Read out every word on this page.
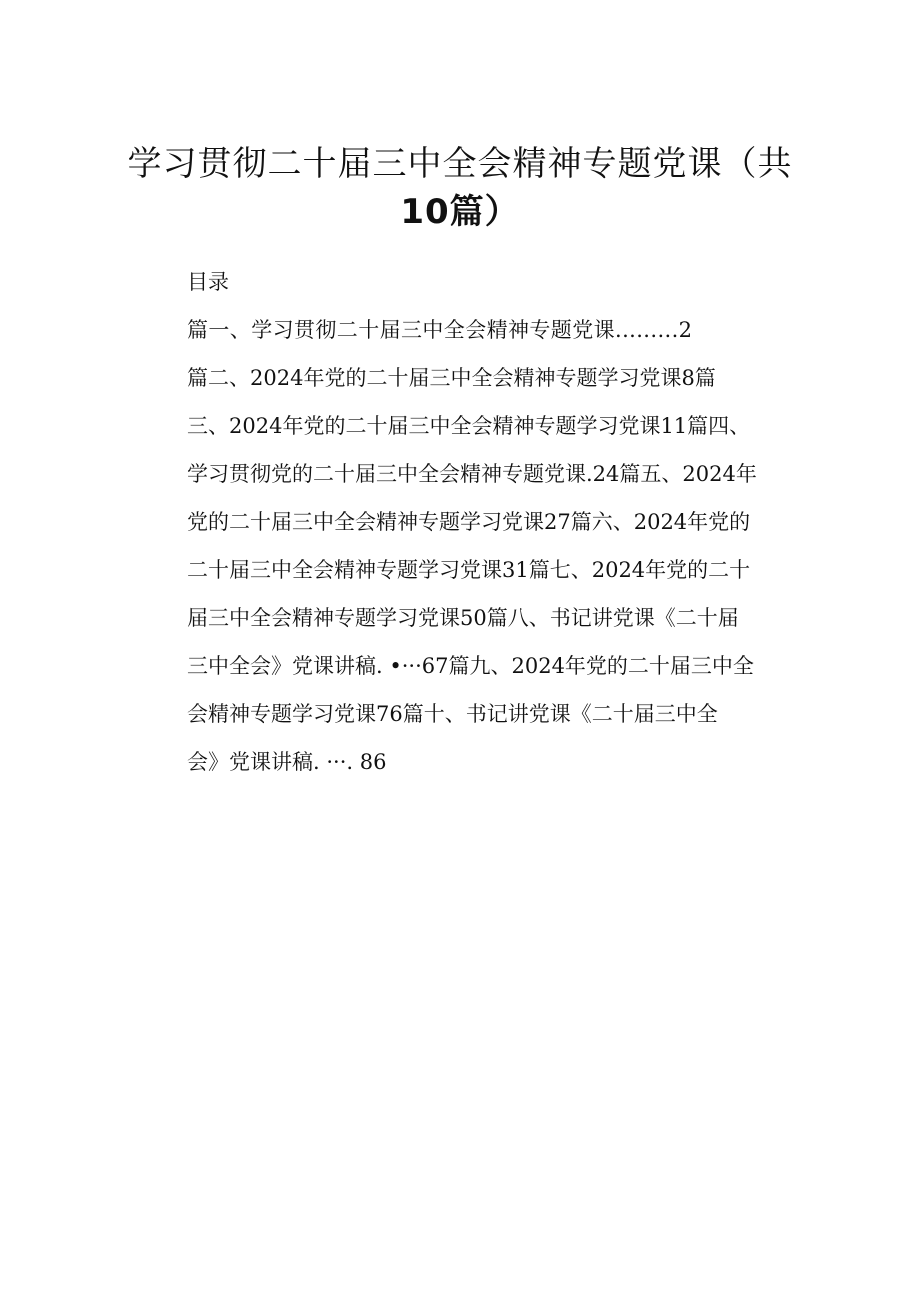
学习贯彻二十届三中全会精神专题党课（共
10篇）
目录
篇一、学习贯彻二十届三中全会精神专题党课.........2
篇二、2024年党的二十届三中全会精神专题学习党课8篇
三、2024年党的二十届三中全会精神专题学习党课11篇四、
学习贯彻党的二十届三中全会精神专题党课.24篇五、2024年
党的二十届三中全会精神专题学习党课27篇六、2024年党的
二十届三中全会精神专题学习党课31篇七、2024年党的二十
届三中全会精神专题学习党课50篇八、书记讲党课《二十届
三中全会》党课讲稿. •···67篇九、2024年党的二十届三中全
会精神专题学习党课76篇十、书记讲党课《二十届三中全
会》党课讲稿. ···. 86
